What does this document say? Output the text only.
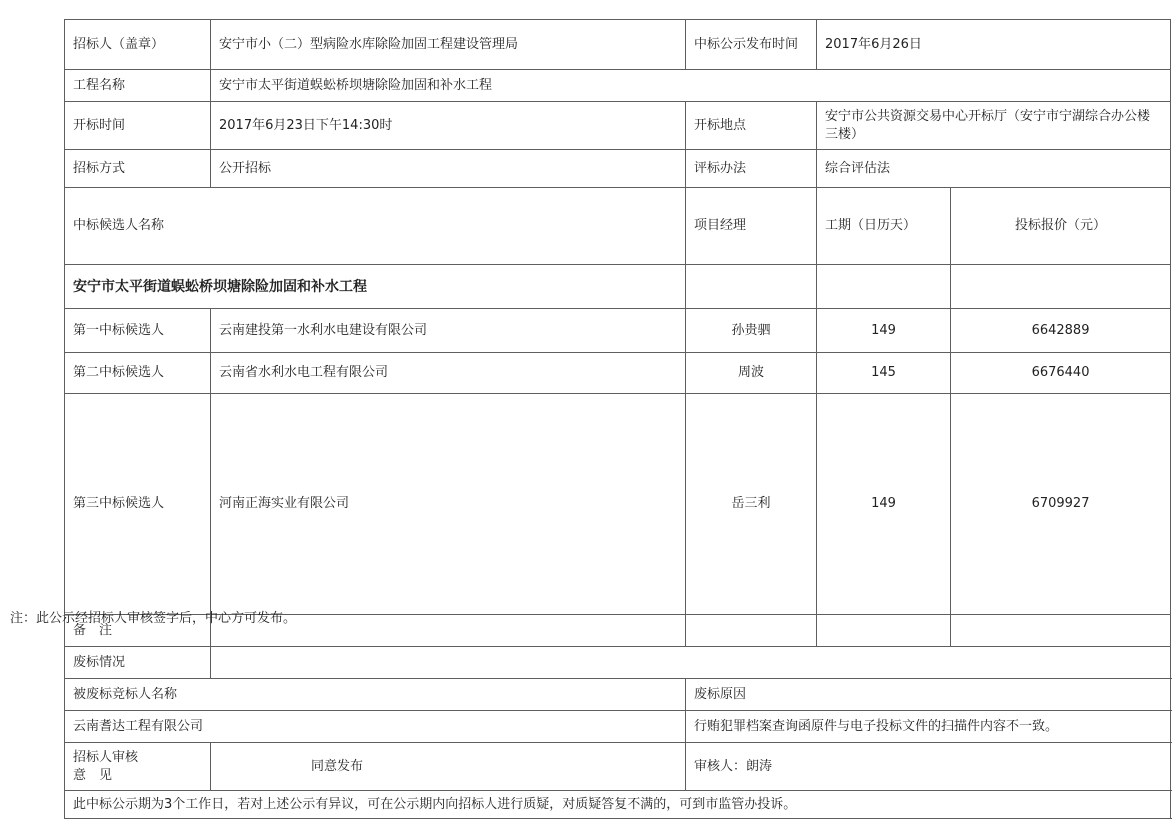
招标人（盖章）	安宁市小（二）型病险水库除险加固工程建设管理局	中标公示发布时间	2017年6月26日		
工程名称	安宁市太平街道蜈蚣桥坝塘除险加固和补水工程				
开标时间	2017年6月23日下午14:30时	开标地点	安宁市公共资源交易中心开标厅（安宁市宁湖综合办公楼三楼）		
招标方式	公开招标	评标办法	综合评估法		
中标候选人名称		项目经理	工期（日历天）	投标报价（元）	
安宁市太平街道蜈蚣桥坝塘除险加固和补水工程					
第一中标候选人	云南建投第一水利水电建设有限公司	孙贵驷	149	6642889	
第二中标候选人	云南省水利水电工程有限公司	周波	145	6676440	
第三中标候选人	河南正海实业有限公司	岳三利	149	6709927	
备　注					
废标情况					
被废标竞标人名称		废标原因			
云南耆达工程有限公司		行贿犯罪档案查询函原件与电子投标文件的扫描件内容不一致。			

招标人审核
意　见	同意发布	审核人：朗涛			
此中标公示期为3个工作日，若对上述公示有异议，可在公示期内向招标人进行质疑，对质疑答复不满的，可到市监管办投诉。					
注：此公示经招标人审核签字后，中心方可发布。
